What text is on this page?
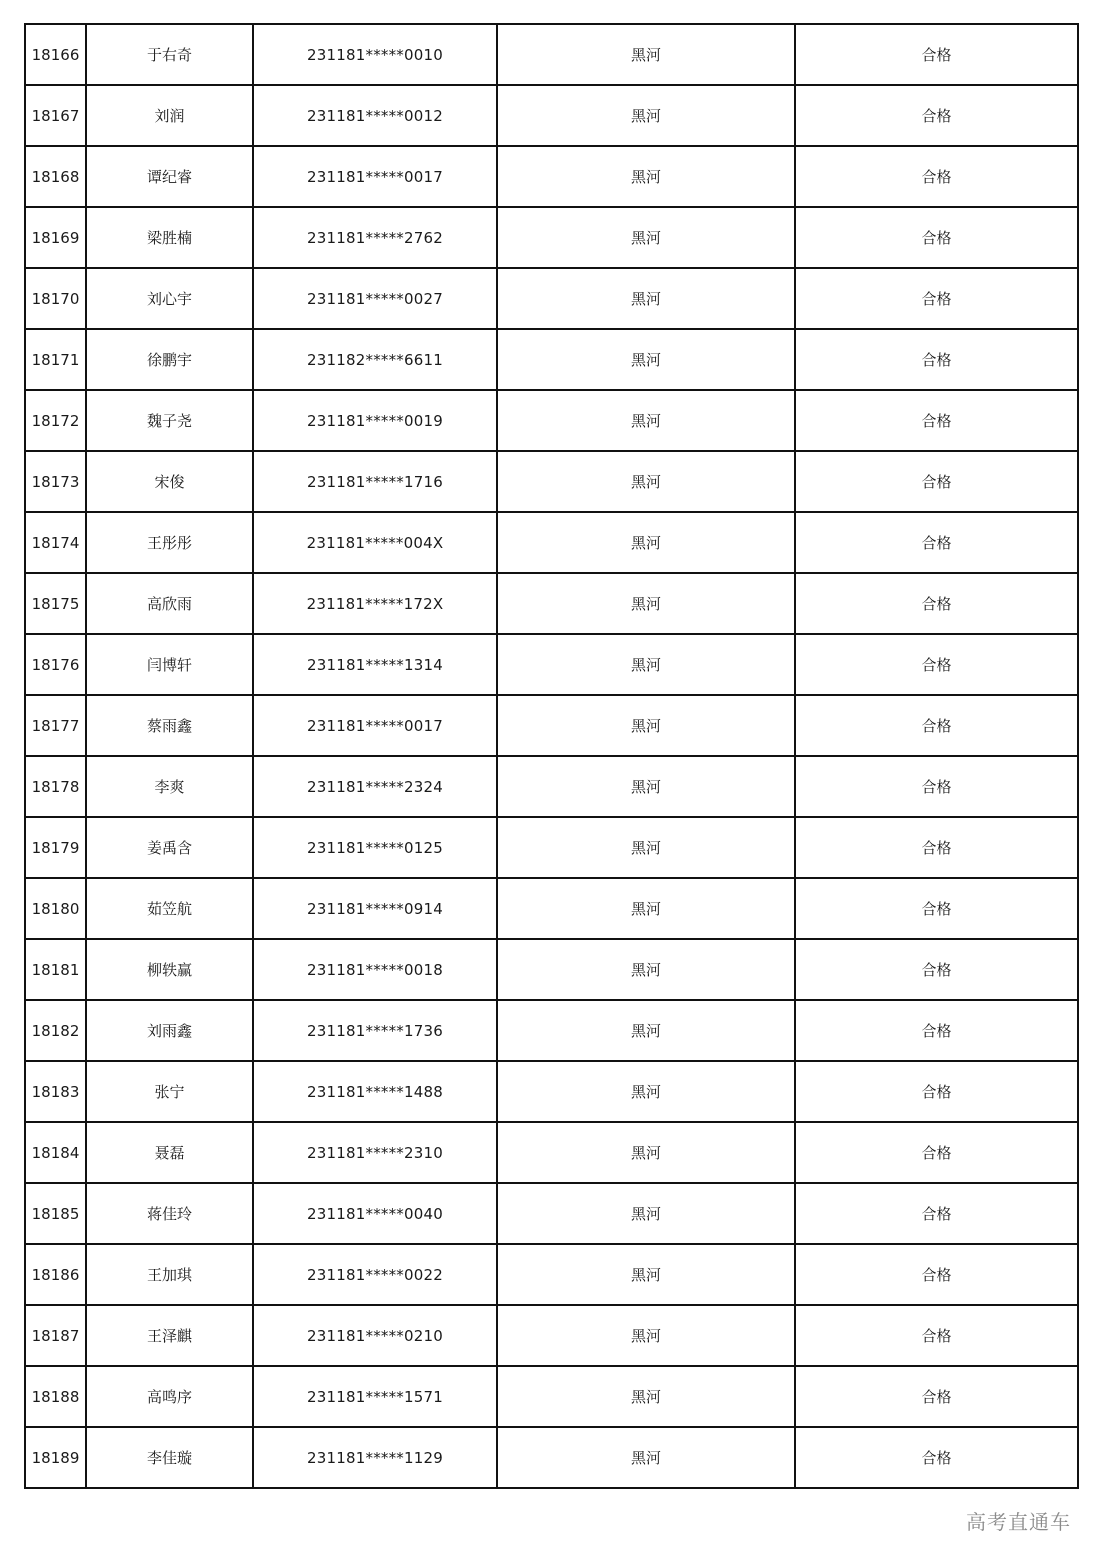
18166	于右奇	231181*****0010	黑河	合格
18167	刘润	231181*****0012	黑河	合格
18168	谭纪睿	231181*****0017	黑河	合格
18169	梁胜楠	231181*****2762	黑河	合格
18170	刘心宇	231181*****0027	黑河	合格
18171	徐鹏宇	231182*****6611	黑河	合格
18172	魏子尧	231181*****0019	黑河	合格
18173	宋俊	231181*****1716	黑河	合格
18174	王彤彤	231181*****004X	黑河	合格
18175	高欣雨	231181*****172X	黑河	合格
18176	闫博轩	231181*****1314	黑河	合格
18177	蔡雨鑫	231181*****0017	黑河	合格
18178	李爽	231181*****2324	黑河	合格
18179	姜禹含	231181*****0125	黑河	合格
18180	茹笠航	231181*****0914	黑河	合格
18181	柳轶赢	231181*****0018	黑河	合格
18182	刘雨鑫	231181*****1736	黑河	合格
18183	张宁	231181*****1488	黑河	合格
18184	聂磊	231181*****2310	黑河	合格
18185	蒋佳玲	231181*****0040	黑河	合格
18186	王加琪	231181*****0022	黑河	合格
18187	王泽麒	231181*****0210	黑河	合格
18188	高鸣序	231181*****1571	黑河	合格
18189	李佳璇	231181*****1129	黑河	合格
高考直通车
